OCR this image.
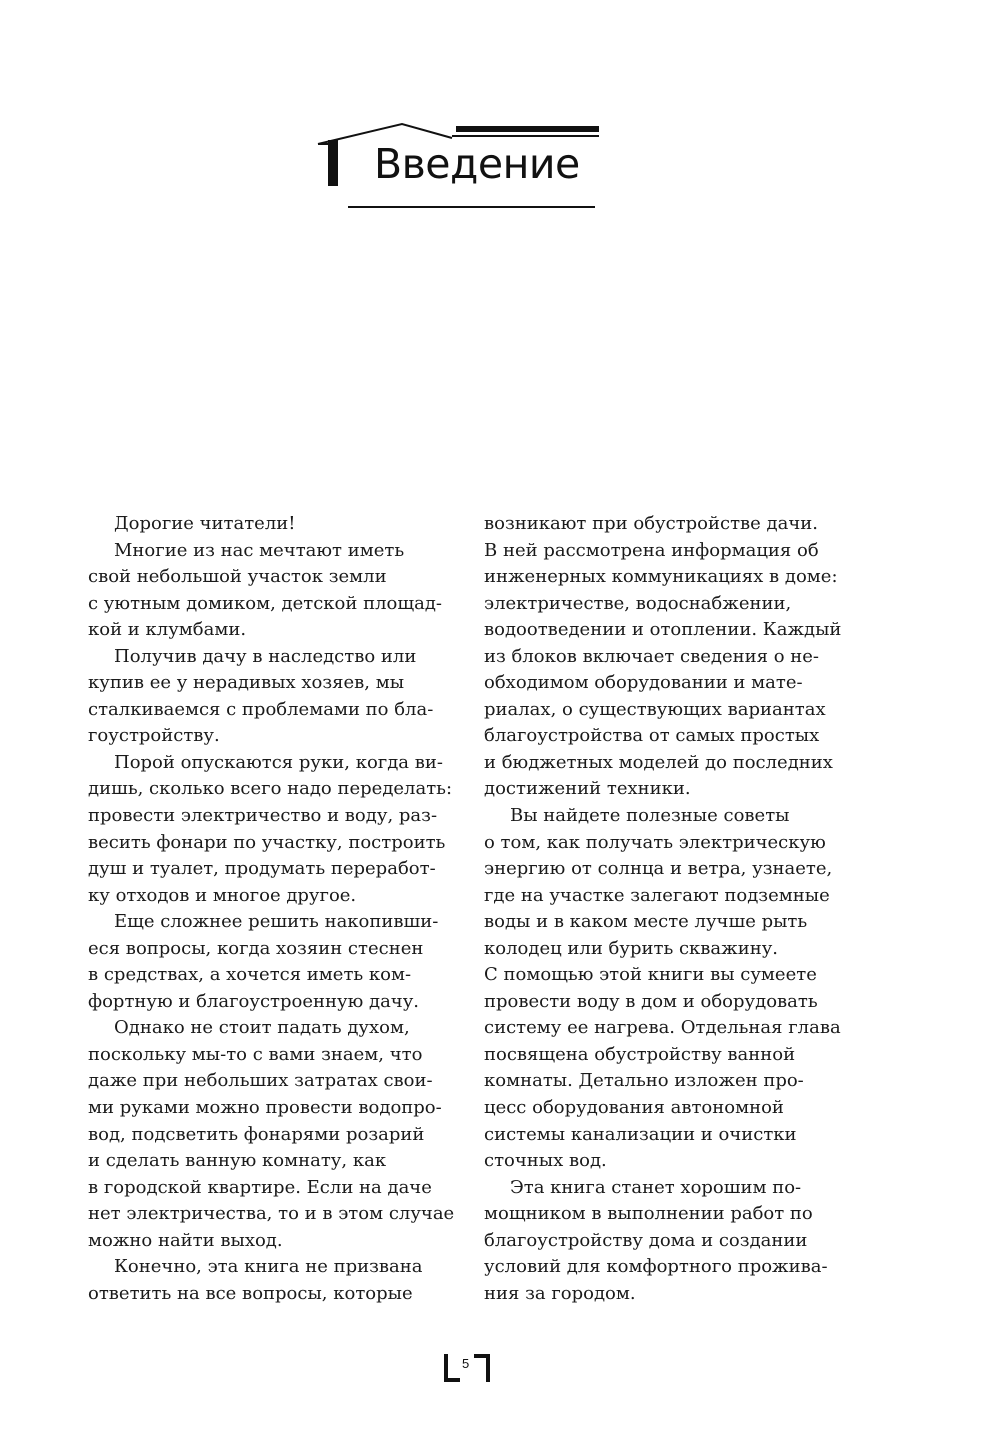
Введение
Дорогие читатели!
Многие из нас мечтают иметь
свой небольшой участок земли
с уютным домиком, детской площад-
кой и клумбами.
Получив дачу в наследство или
купив ее у нерадивых хозяев, мы
сталкиваемся с проблемами по бла-
гоустройству.
Порой опускаются руки, когда ви-
дишь, сколько всего надо переделать:
провести электричество и воду, раз-
весить фонари по участку, построить
душ и туалет, продумать переработ-
ку отходов и многое другое.
Еще сложнее решить накопивши-
еся вопросы, когда хозяин стеснен
в средствах, а хочется иметь ком-
фортную и благоустроенную дачу.
Однако не стоит падать духом,
поскольку мы-то с вами знаем, что
даже при небольших затратах свои-
ми руками можно провести водопро-
вод, подсветить фонарями розарий
и сделать ванную комнату, как
в городской квартире. Если на даче
нет электричества, то и в этом случае
можно найти выход.
Конечно, эта книга не призвана
ответить на все вопросы, которые
возникают при обустройстве дачи.
В ней рассмотрена информация об
инженерных коммуникациях в доме:
электричестве, водоснабжении,
водоотведении и отоплении. Каждый
из блоков включает сведения о не-
обходимом оборудовании и мате-
риалах, о существующих вариантах
благоустройства от самых простых
и бюджетных моделей до последних
достижений техники.
Вы найдете полезные советы
о том, как получать электрическую
энергию от солнца и ветра, узнаете,
где на участке залегают подземные
воды и в каком месте лучше рыть
колодец или бурить скважину.
С помощью этой книги вы сумеете
провести воду в дом и оборудовать
систему ее нагрева. Отдельная глава
посвящена обустройству ванной
комнаты. Детально изложен про-
цесс оборудования автономной
системы канализации и очистки
сточных вод.
Эта книга станет хорошим по-
мощником в выполнении работ по
благоустройству дома и создании
условий для комфортного прожива-
ния за городом.
5
